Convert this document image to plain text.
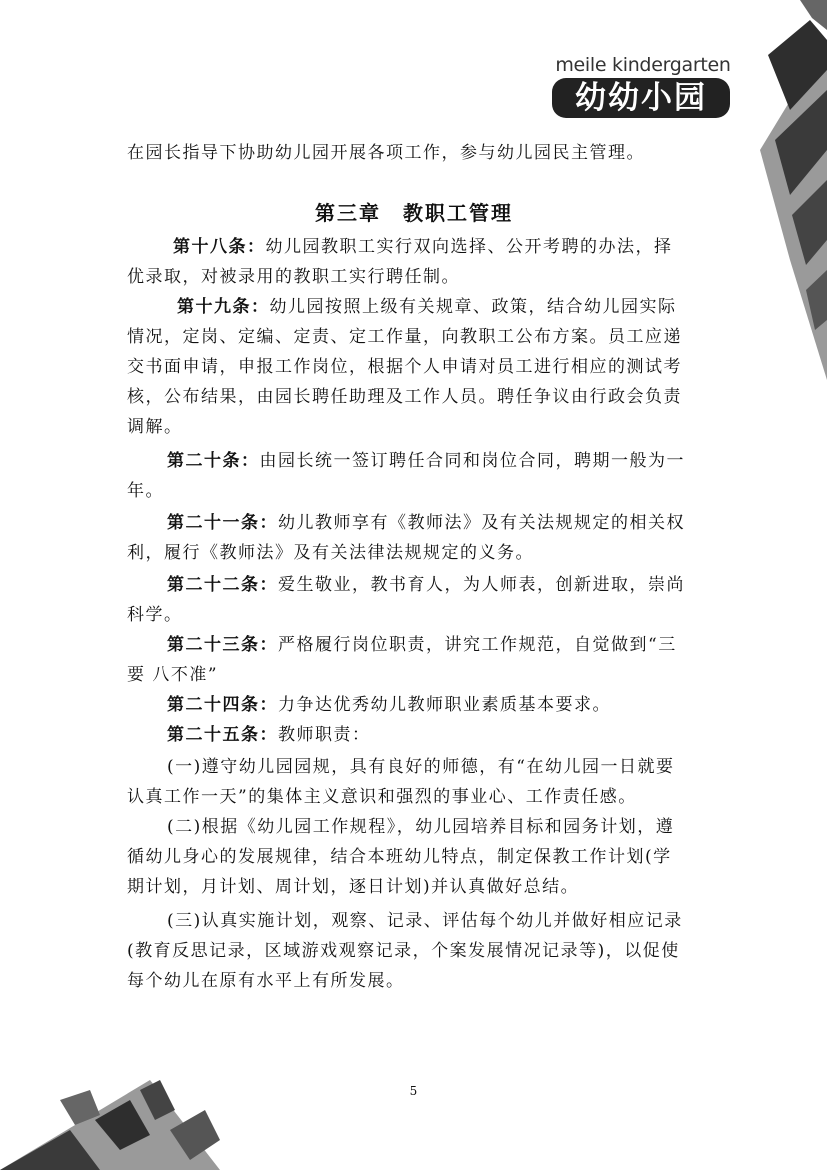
meile kindergarten
幼幼小园
在园长指导下协助幼儿园开展各项工作，参与幼儿园民主管理。
第三章 教职工管理
第十八条：幼儿园教职工实行双向选择、公开考聘的办法，择
优录取，对被录用的教职工实行聘任制。
第十九条：幼儿园按照上级有关规章、政策，结合幼儿园实际
情况，定岗、定编、定责、定工作量，向教职工公布方案。员工应递
交书面申请，申报工作岗位，根据个人申请对员工进行相应的测试考
核，公布结果，由园长聘任助理及工作人员。聘任争议由行政会负责
调解。
第二十条：由园长统一签订聘任合同和岗位合同，聘期一般为一
年。
第二十一条：幼儿教师享有《教师法》及有关法规规定的相关权
利，履行《教师法》及有关法律法规规定的义务。
第二十二条：爱生敬业，教书育人，为人师表，创新进取，崇尚
科学。
第二十三条：严格履行岗位职责，讲究工作规范，自觉做到“三
要 八不准”
第二十四条：力争达优秀幼儿教师职业素质基本要求。
第二十五条：教师职责：
(一)遵守幼儿园园规，具有良好的师德，有“在幼儿园一日就要
认真工作一天”的集体主义意识和强烈的事业心、工作责任感。
(二)根据《幼儿园工作规程》，幼儿园培养目标和园务计划，遵
循幼儿身心的发展规律，结合本班幼儿特点，制定保教工作计划(学
期计划，月计划、周计划，逐日计划)并认真做好总结。
(三)认真实施计划，观察、记录、评估每个幼儿并做好相应记录
(教育反思记录，区域游戏观察记录，个案发展情况记录等)，以促使
每个幼儿在原有水平上有所发展。
5
